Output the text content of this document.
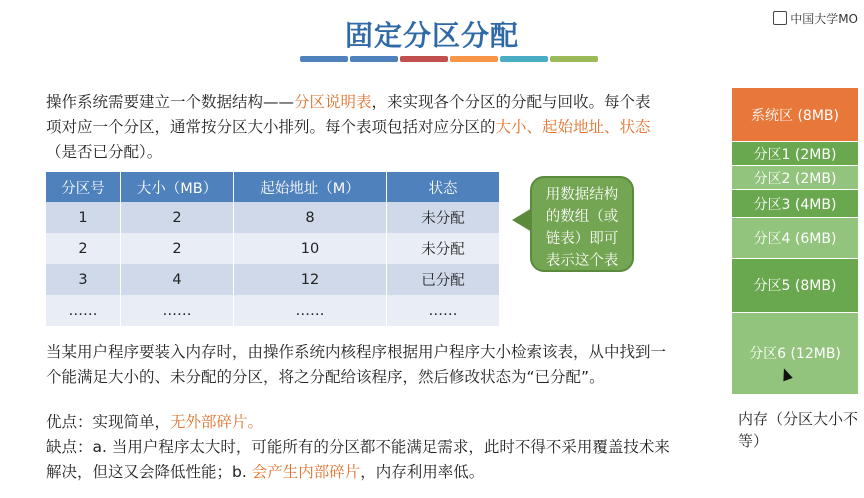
固定分区分配	中国大学MO
操作系统需要建立一个数据结构——分区说明表，来实现各个分区的分配与回收。每个表项对应一个分区，通常按分区大小排列。每个表项包括对应分区的大小、起始地址、状态（是否已分配）。
分区号	大小（MB）	起始地址（M）	状态
1	2	8	未分配
2	2	10	未分配
3	4	12	已分配
……	……	……	……
用数据结构的数组（或链表）即可表示这个表
当某用户程序要装入内存时，由操作系统内核程序根据用户程序大小检索该表，从中找到一个能满足大小的、未分配的分区，将之分配给该程序，然后修改状态为“已分配”。
优点：实现简单，无外部碎片。
缺点：a. 当用户程序太大时，可能所有的分区都不能满足需求，此时不得不采用覆盖技术来解决，但这又会降低性能；b. 会产生内部碎片，内存利用率低。
系统区 (8MB)
分区1 (2MB)
分区2 (2MB)
分区3 (4MB)
分区4 (6MB)
分区5 (8MB)
分区6 (12MB)
内存（分区大小不等）
